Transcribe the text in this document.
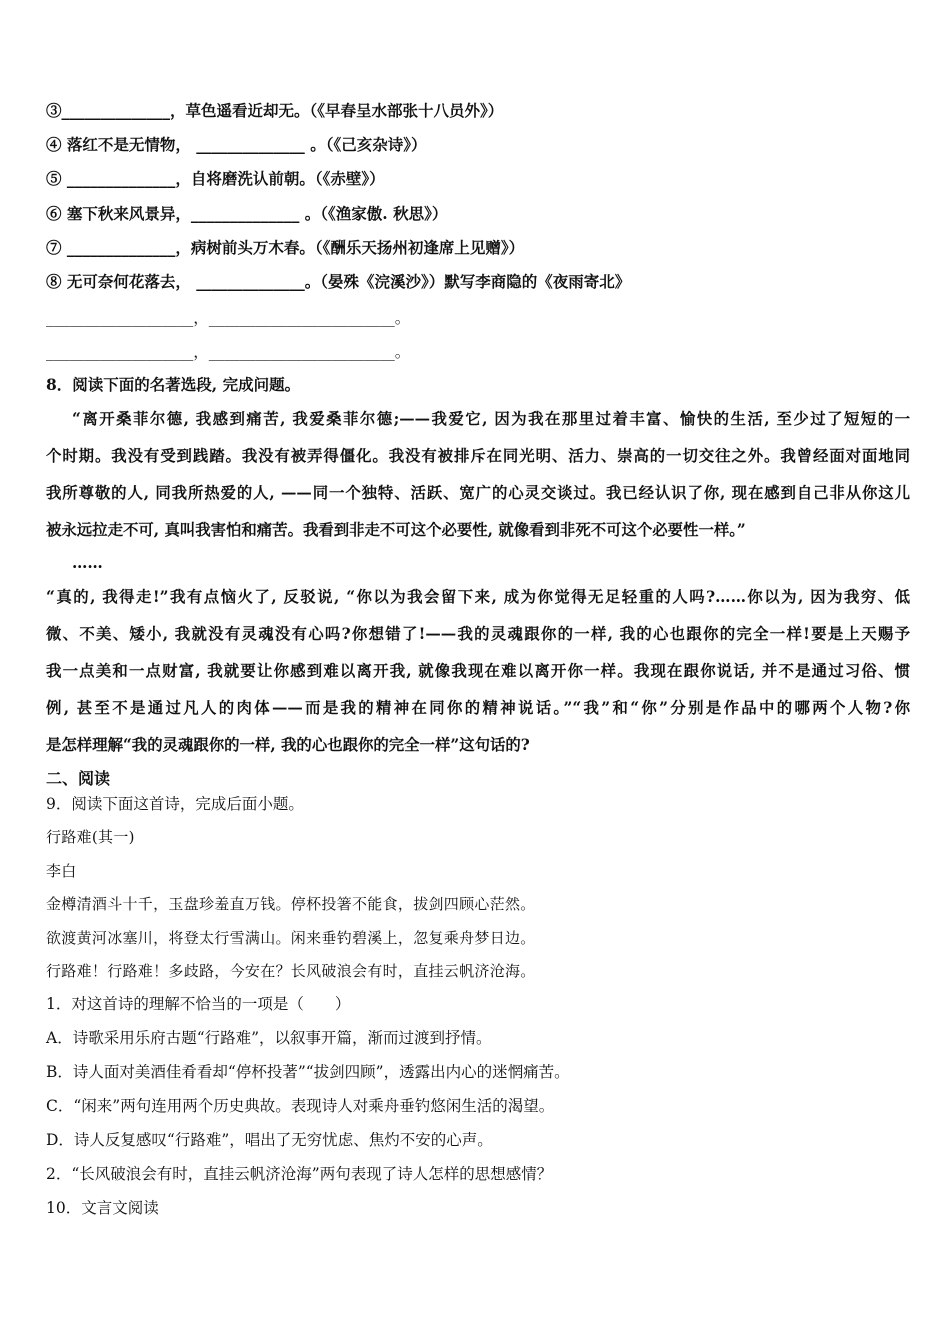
③______________，草色遥看近却无。（《早春呈水部张十八员外》）
④ 落红不是无情物， ______________ 。（《己亥杂诗》）
⑤ ______________，自将磨洗认前朝。（《赤壁》）
⑥ 塞下秋来风景异，______________ 。（《渔家傲. 秋思》）
⑦ ______________，病树前头万木春。（《酬乐天扬州初逢席上见赠》）
⑧ 无可奈何花落去， ______________。（晏殊《浣溪沙》）默写李商隐的《夜雨寄北》
___________________，________________________。
___________________，________________________。
8．阅读下面的名著选段, 完成问题。
“离开桑菲尔德, 我感到痛苦, 我爱桑菲尔德;——我爱它, 因为我在那里过着丰富、愉快的生活, 至少过了短短的一
个时期。我没有受到践踏。我没有被弄得僵化。我没有被排斥在同光明、活力、崇高的一切交往之外。我曾经面对面地同
我所尊敬的人, 同我所热爱的人, ——同一个独特、活跃、宽广的心灵交谈过。我已经认识了你, 现在感到自己非从你这儿
被永远拉走不可, 真叫我害怕和痛苦。我看到非走不可这个必要性, 就像看到非死不可这个必要性一样。”
……
“真的, 我得走!”我有点恼火了, 反驳说, “你以为我会留下来, 成为你觉得无足轻重的人吗?……你以为, 因为我穷、低
微、不美、矮小, 我就没有灵魂没有心吗?你想错了!——我的灵魂跟你的一样, 我的心也跟你的完全一样!要是上天赐予
我一点美和一点财富, 我就要让你感到难以离开我, 就像我现在难以离开你一样。我现在跟你说话, 并不是通过习俗、惯
例, 甚至不是通过凡人的肉体——而是我的精神在同你的精神说话。”“我”和“你”分别是作品中的哪两个人物?你
是怎样理解“我的灵魂跟你的一样, 我的心也跟你的完全一样”这句话的?
二、阅读
9．阅读下面这首诗，完成后面小题。
行路难(其一)
李白
金樽清酒斗十千，玉盘珍羞直万钱。停杯投箸不能食，拔剑四顾心茫然。
欲渡黄河冰塞川，将登太行雪满山。闲来垂钓碧溪上，忽复乘舟梦日边。
行路难！行路难！多歧路，今安在？长风破浪会有时，直挂云帆济沧海。
1．对这首诗的理解不恰当的一项是（　　）
A．诗歌采用乐府古题“行路难”，以叙事开篇，渐而过渡到抒情。
B．诗人面对美酒佳肴看却“停杯投著”“拔剑四顾”，透露出内心的迷惘痛苦。
C．“闲来”两句连用两个历史典故。表现诗人对乘舟垂钓悠闲生活的渴望。
D．诗人反复感叹“行路难”，唱出了无穷忧虑、焦灼不安的心声。
2．“长风破浪会有时，直挂云帆济沧海”两句表现了诗人怎样的思想感情？
10．文言文阅读
